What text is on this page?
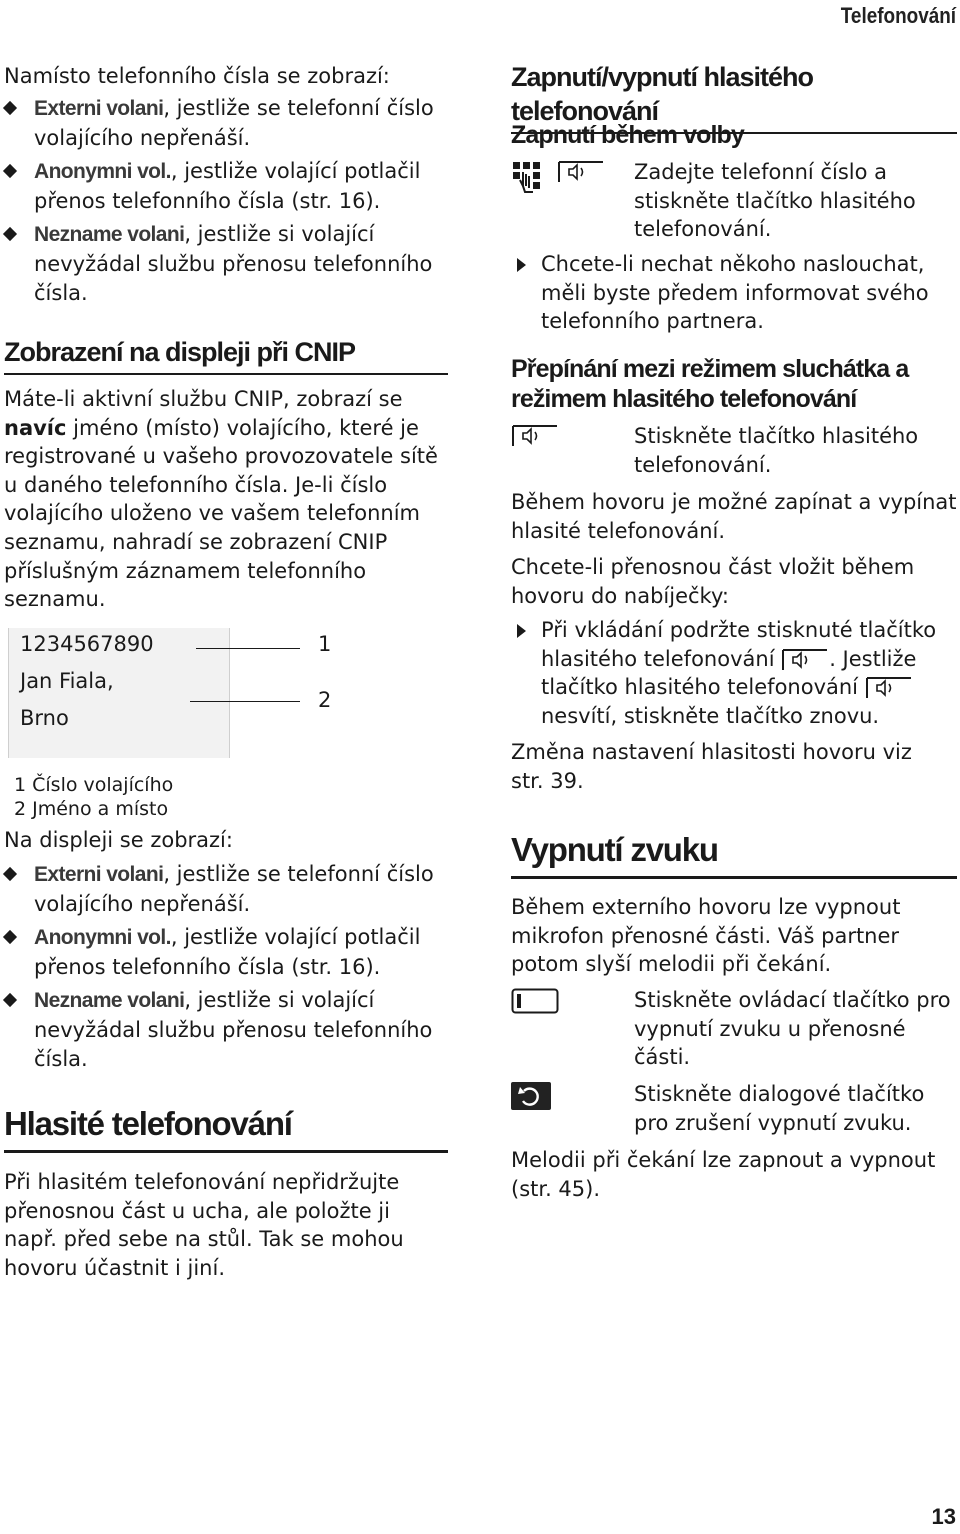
Telefonování

Namísto telefonního čísla se zobrazí:

Externi volani, jestliže se telefonní číslo volajícího nepřenáší.
Anonymni vol., jestliže volající potlačil přenos telefonního čísla (str. 16).
Nezname volani, jestliže si volající nevyžádal službu přenosu telefonního čísla.
Zobrazení na displeji při CNIP

Máte-li aktivní službu CNIP, zobrazí se navíc jméno (místo) volajícího, které je registrované u vašeho provozovatele sítě u daného telefonního čísla. Je-li číslo volajícího uloženo ve vašem telefonním seznamu, nahradí se zobrazení CNIP příslušným záznamem telefonního seznamu.

1234567890
Jan Fiala,
Brno
1
2
1 Číslo volajícího
2 Jméno a místo

Na displeji se zobrazí:

Externi volani, jestliže se telefonní číslo volajícího nepřenáší.
Anonymni vol., jestliže volající potlačil přenos telefonního čísla (str. 16).
Nezname volani, jestliže si volající nevyžádal službu přenosu telefonního čísla.
Hlasité telefonování

Při hlasitém telefonování nepřidržujte přenosnou část u ucha, ale položte ji např. před sebe na stůl. Tak se mohou hovoru účastnit i jiní.

Zapnutí/vypnutí hlasitého telefonování
Zapnutí během volby
Zadejte telefonní číslo a stiskněte tlačítko hlasitého telefonování.
Chcete-li nechat někoho naslouchat, měli byste předem informovat svého telefonního partnera.
Přepínání mezi režimem sluchátka a režimem hlasitého telefonování
Stiskněte tlačítko hlasitého telefonování.

Během hovoru je možné zapínat a vypínat hlasité telefonování.

Chcete-li přenosnou část vložit během hovoru do nabíječky:

Při vkládání podržte stisknuté tlačítko hlasitého telefonování . Jestliže tlačítko hlasitého telefonování  nesvítí, stiskněte tlačítko znovu.

Změna nastavení hlasitosti hovoru viz str. 39.

Vypnutí zvuku

Během externího hovoru lze vypnout mikrofon přenosné části. Váš partner potom slyší melodii při čekání.

Stiskněte ovládací tlačítko pro vypnutí zvuku u přenosné části.
Stiskněte dialogové tlačítko pro zrušení vypnutí zvuku.

Melodii při čekání lze zapnout a vypnout (str. 45).

13
